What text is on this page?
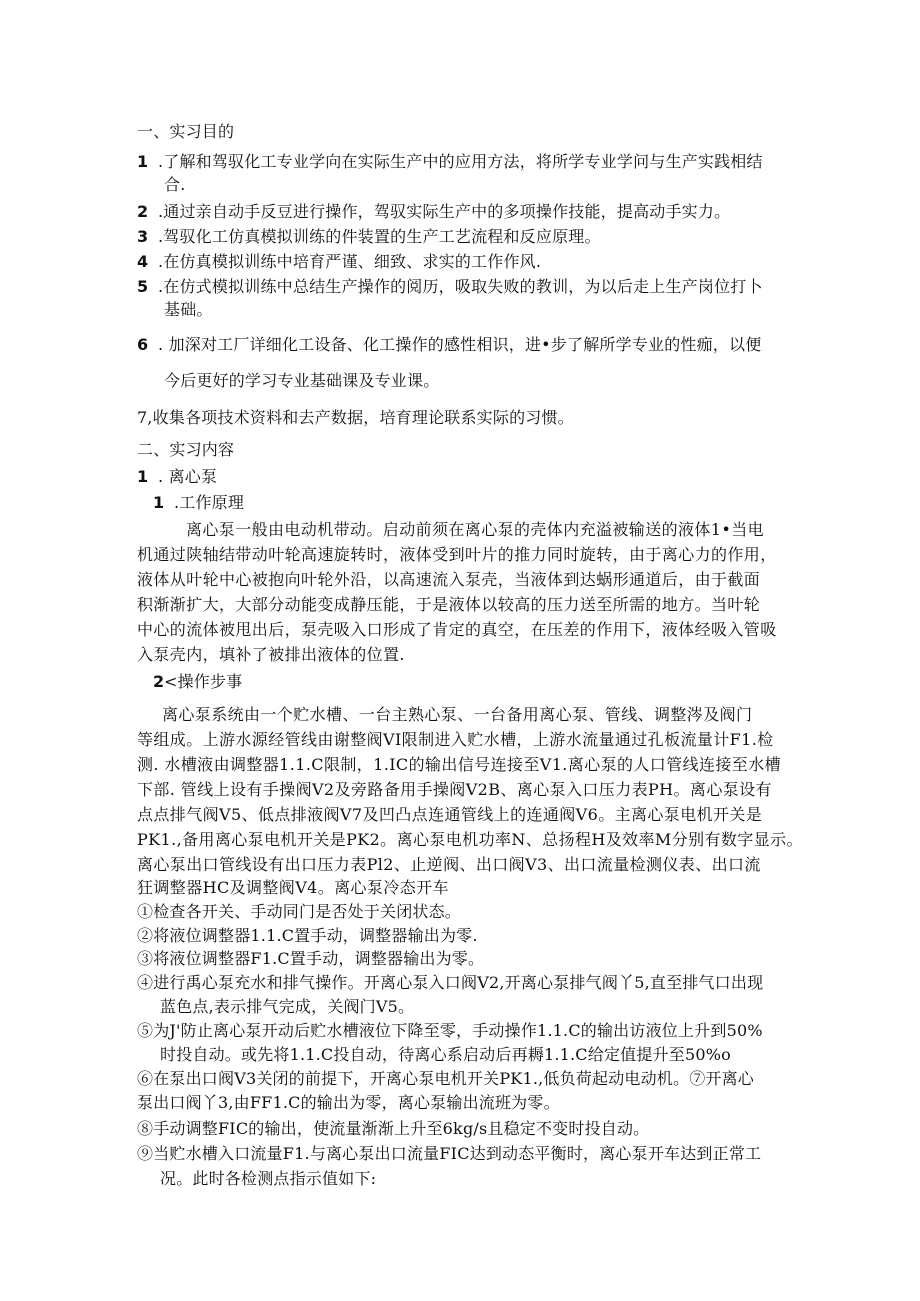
一、实习目的
1 .了解和驾驭化工专业学向在实际生产中的应用方法，将所学专业学问与生产实践相结
合.
2 .通过亲自动手反豆进行操作，驾驭实际生产中的多项操作技能，提高动手实力。
3 .驾驭化工仿真模拟训练的件装置的生产工艺流程和反应原理。
4 .在仿真模拟训练中培育严谨、细致、求实的工作作风.
5 .在仿式模拟训练中总结生产操作的阅历，吸取失败的教训，为以后走上生产岗位打卜
基础。
6 . 加深对工厂详细化工设备、化工操作的感性相识，进•步了解所学专业的性痂，以便
今后更好的学习专业基础课及专业课。
7,收集各项技术资料和去产数据，培育理论联系实际的习惯。
二、实习内容
1 . 离心泵
1 .工作原理
离心泵一般由电动机带动。启动前须在离心泵的壳体内充溢被输送的液体1•当电
机通过陕轴结带动叶轮高速旋转时，液体受到叶片的推力同时旋转，由于离心力的作用，
液体从叶轮中心被抱向叶轮外沿，以高速流入泵壳，当液体到达蜗形通道后，由于截面
积渐渐扩大，大部分动能变成静压能，于是液体以较高的压力送至所需的地方。当叶轮
中心的流体被甩出后，泵壳吸入口形成了肯定的真空，在压差的作用下，液体经吸入管吸
入泵壳内，填补了被排出液体的位置.
2 <操作步事
离心泵系统由一个贮水槽、一台主熟心泵、一台备用离心泵、管线、调整涔及阀门
等组成。上游水源经管线由谢整阀VI限制进入贮水槽，上游水流量通过孔板流量计F1.检
测. 水槽液由调整器1.1.C限制，1.IC的输出信号连接至V1.离心泵的人口管线连接至水槽
下部. 管线上设有手操阀V2及旁路备用手操阀V2B、离心泵入口压力表PH。离心泵设有
点点排气阀V5、低点排液阀V7及凹凸点连通管线上的连通阀V6。主离心泵电机开关是
PK1.,备用离心泵电机开关是PK2。离心泵电机功率N、总扬程H及效率M分别有数字显示。
离心泵出口管线设有出口压力表Pl2、止逆阀、出口阀V3、出口流量检测仪表、出口流
狂调整器HC及调整阀V4。离心泵冷态开车
①检查各开关、手动同门是否处于关闭状态。
②将液位调整器1.1.C置手动，调整器输出为零.
③将液位调整器F1.C置手动，调整器输出为零。
④进行禹心泵充水和排气操作。开离心泵入口阀V2,开离心泵排气阀丫5,直至排气口出现
蓝色点,表示排气完成，关阀门V5。
⑤为J'防止离心泵开动后贮水槽液位下降至零，手动操作1.1.C的输出访液位上升到50%
时投自动。或先将1.1.C投自动，待离心系启动后再耨1.1.C给定值提升至50%o
⑥在泵出口阀V3关闭的前提下，开离心泵电机开关PK1.,低负荷起动电动机。⑦开离心
泵出口阀丫3,由FF1.C的输出为零，离心泵输出流班为零。
⑧手动调整FIC的输出，使流量渐渐上升至6kg/s且稳定不变时投自动。
⑨当贮水槽入口流量F1.与离心泵出口流量FIC达到动态平衡时，离心泵开车达到正常工
况。此时各检测点指示值如下:
